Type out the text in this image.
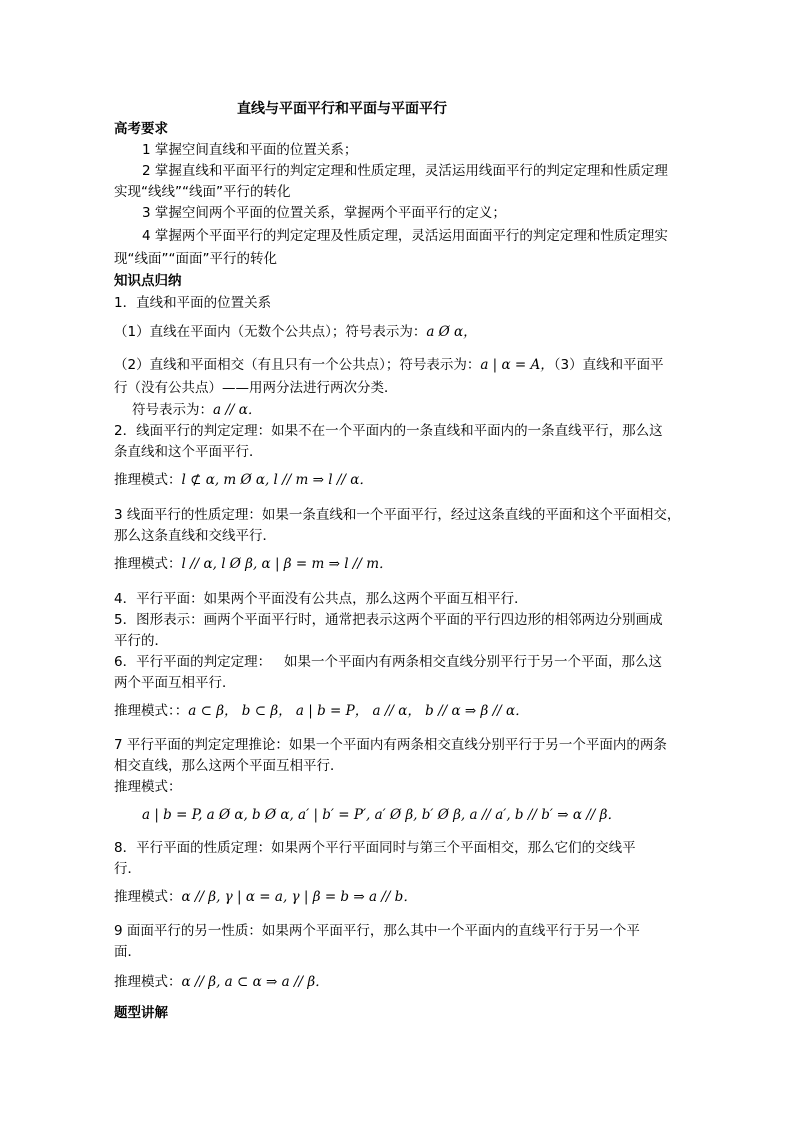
直线与平面平行和平面与平面平行
高考要求
1 掌握空间直线和平面的位置关系；
2 掌握直线和平面平行的判定定理和性质定理，灵活运用线面平行的判定定理和性质定理
实现“线线”“线面”平行的转化
3 掌握空间两个平面的位置关系，掌握两个平面平行的定义；
4 掌握两个平面平行的判定定理及性质定理，灵活运用面面平行的判定定理和性质定理实
现“线面”“面面”平行的转化
知识点归纳
1．直线和平面的位置关系
（1）直线在平面内（无数个公共点）；符号表示为：a Ø α，
（2）直线和平面相交（有且只有一个公共点）；符号表示为：a | α = A，（3）直线和平面平
行（没有公共点）——用两分法进行两次分类．
符号表示为：a // α．
2．线面平行的判定定理：如果不在一个平面内的一条直线和平面内的一条直线平行，那么这
条直线和这个平面平行．
推理模式：l ⊄ α, m Ø α, l // m ⇒ l // α．
3 线面平行的性质定理：如果一条直线和一个平面平行，经过这条直线的平面和这个平面相交，
那么这条直线和交线平行．
推理模式：l // α, l Ø β, α | β = m ⇒ l // m．
4．平行平面：如果两个平面没有公共点，那么这两个平面互相平行．
5．图形表示：画两个平面平行时，通常把表示这两个平面的平行四边形的相邻两边分别画成
平行的．
6．平行平面的判定定理：   如果一个平面内有两条相交直线分别平行于另一个平面，那么这
两个平面互相平行．
推理模式：：a ⊂ β， b ⊂ β， a | b = P， a // α， b // α ⇒ β // α．
7 平行平面的判定定理推论：如果一个平面内有两条相交直线分别平行于另一个平面内的两条
相交直线，那么这两个平面互相平行．
推理模式：
a | b = P, a Ø α, b Ø α, a′ | b′ = P′, a′ Ø β, b′ Ø β, a // a′, b // b′ ⇒ α // β．
8．平行平面的性质定理：如果两个平行平面同时与第三个平面相交，那么它们的交线平
行．
推理模式：α // β, γ | α = a, γ | β = b ⇒ a // b．
9 面面平行的另一性质：如果两个平面平行，那么其中一个平面内的直线平行于另一个平
面．
推理模式：α // β, a ⊂ α ⇒ a // β．
题型讲解
